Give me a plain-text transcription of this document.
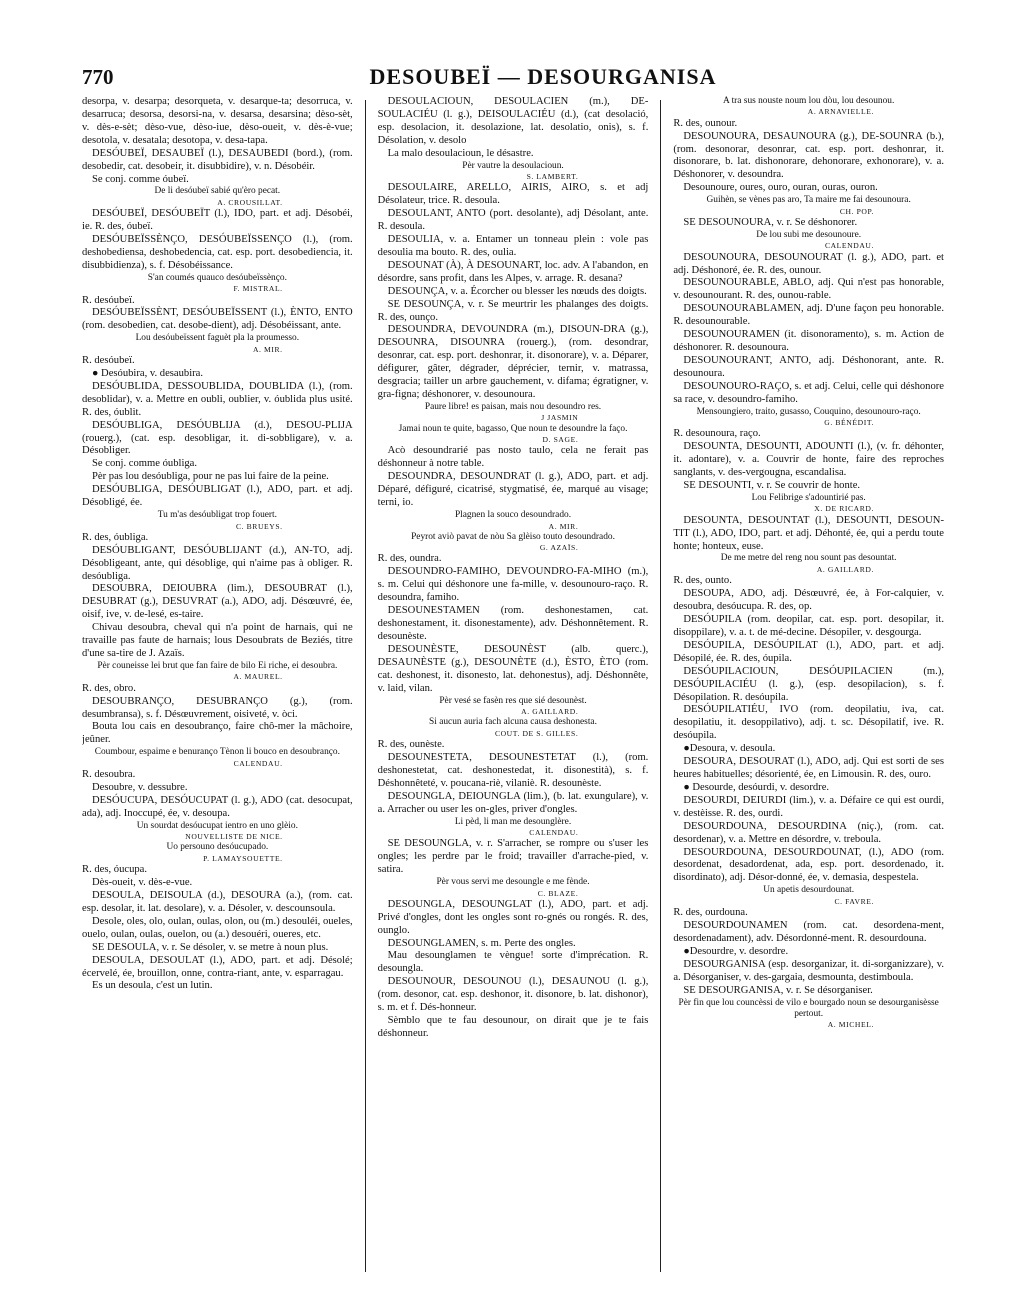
770	DESOUBEÏ — DESOURGANISA

desorpa, v. desarpa; desorqueta, v. desarque-ta; desorruca, v. desarruca; desorsa, desorsi-na, v. desarsa, desarsina; dèso-sèt, v. dès-e-sèt; dèso-vue, dèso-iue, dèso-oueit, v. dès-è-vue; desotola, v. desatala; desotopa, v. desa-tapa.

DESÓUBEÏ, DESAUBEÏ (l.), DESAUBEDI (bord.), (rom. desobedir, cat. desobeir, it. disubbidire), v. n. Désobéir.

Se conj. comme óubeï.

De li desóubeï sabié qu'èro pecat.

A. CROUSILLAT.

DESÓUBEÏ, DESÓUBEÏT (l.), IDO, part. et adj. Désobéi, ie. R. des, óubeï.

DESÓUBEÏSSÈNÇO, DESÓUBEÏSSENÇO (l.), (rom. deshobediensa, deshobedencia, cat. esp. port. desobediencia, it. disubbidienza), s. f. Désobéissance.

S'an coumés quauco desóubeïssènço.

F. MISTRAL.

R. desóubeï.

DESÓUBEÏSSÈNT, DESÓUBEÏSSENT (l.), ÈNTO, ENTO (rom. desobedien, cat. desobe-dient), adj. Désobéissant, ante.

Lou desóubeïssent faguèt pla la proumesso.

A. MIR.

R. desóubeï.

● Desóubira, v. desaubira.

DESÓUBLIDA, DESSOUBLIDA, DOUBLIDA (l.), (rom. desoblidar), v. a. Mettre en oubli, oublier, v. óublida plus usité. R. des, óublit.

DESÓUBLIGA, DESÓUBLIJA (d.), DESOU-PLIJA (rouerg.), (cat. esp. desobligar, it. di-sobbligare), v. a. Désobliger.

Se conj. comme óubliga.

Pèr pas lou desóubliga, pour ne pas lui faire de la peine.

DESÓUBLIGA, DESÓUBLIGAT (l.), ADO, part. et adj. Désobligé, ée.

Tu m'as desóubligat trop fouert.

C. BRUEYS.

R. des, óubliga.

DESÓUBLIGANT, DESÓUBLIJANT (d.), AN-TO, adj. Désobligeant, ante, qui désoblige, qui n'aime pas à obliger. R. desóubliga.

DESOUBRA, DEIOUBRA (lim.), DESOUBRAT (l.), DESUBRAT (g.), DESUVRAT (a.), ADO, adj. Désœuvré, ée, oisif, ive, v. de-lesé, es-taire.

Chivau desoubra, cheval qui n'a point de harnais, qui ne travaille pas faute de harnais; lous Desoubrats de Beziés, titre d'une sa-tire de J. Azaïs.

Pèr couneisse lei brut que fan faire de bilo Ei riche, ei desoubra.

A. MAUREL.

R. des, obro.

DESOUBRANÇO, DESUBRANÇO (g.), (rom. desumbransa), s. f. Désœuvrement, oisiveté, v. òci.

Bouta lou cais en desoubranço, faire chô-mer la mâchoire, jeûner.

Coumbour, espaime e benuranço Tènon li bouco en desoubranço.

CALENDAU.

R. desoubra.

Desoubre, v. dessubre.

DESÓUCUPA, DESÓUCUPAT (l. g.), ADO (cat. desocupat, ada), adj. Inoccupé, ée, v. desoupa.

Un sourdat desóucupat ientro en uno glèio.

NOUVELLISTE DE NICE.

Uo persouno desóucupado.

P. LAMAYSOUETTE.

R. des, óucupa.

Dès-oueit, v. dès-e-vue.

DESOULA, DEISOULA (d.), DESOURA (a.), (rom. cat. esp. desolar, it. lat. desolare), v. a. Désoler, v. descounsoula.

Desole, oles, olo, oulan, oulas, olon, ou (m.) desouléi, oueles, ouelo, oulan, oulas, ouelon, ou (a.) desouéri, oueres, etc.

SE DESOULA, v. r. Se désoler, v. se metre à noun plus.

DESOULA, DESOULAT (l.), ADO, part. et adj. Désolé; écervelé, ée, brouillon, onne, contra-riant, ante, v. esparragau.

Es un desoula, c'est un lutin.

DESOULACIOUN, DESOULACIEN (m.), DE-SOULACIÉU (l. g.), DEISOULACIÉU (d.), (cat desolació, esp. desolacion, it. desolazione, lat. desolatio, onis), s. f. Désolation, v. desolo

La malo desoulacioun, le désastre.

Pèr vautre la desoulacioun.

S. LAMBERT.

DESOULAIRE, ARELLO, AIRIS, AIRO, s. et adj Désolateur, trice. R. desoula.

DESOULANT, ANTO (port. desolante), adj Désolant, ante. R. desoula.

DESOULIA, v. a. Entamer un tonneau plein : vole pas desoulia ma bouto. R. des, oulia.

DESOUNAT (À), À DESOUNART, loc. adv. A l'abandon, en désordre, sans profit, dans les Alpes, v. arrage. R. desana?

DESOUNÇA, v. a. Écorcher ou blesser les nœuds des doigts.

SE DESOUNÇA, v. r. Se meurtrir les phalanges des doigts. R. des, ounço.

DESOUNDRA, DEVOUNDRA (m.), DISOUN-DRA (g.), DESOUNRA, DISOUNRA (rouerg.), (rom. desondrar, desonrar, cat. esp. port. deshonrar, it. disonorare), v. a. Déparer, défigurer, gâter, dégrader, déprécier, ternir, v. matrassa, desgracia; tailler un arbre gauchement, v. difama; égratigner, v. gra-figna; déshonorer, v. desounoura.

Paure libre! es paisan, mais nou desoundro res.

J JASMIN

Jamai noun te quite, bagasso, Que noun te desoundre la faço.

D. SAGE.

Acò desoundrarié pas nosto taulo, cela ne ferait pas déshonneur à notre table.

DESOUNDRA, DESOUNDRAT (l. g.), ADO, part. et adj. Déparé, défiguré, cicatrisé, stygmatisé, ée, marqué au visage; terni, io.

Plagnen la souco desoundrado.

A. MIR.

Peyrot aviò pavat de nòu Sa glèiso touto desoundrado.

G. AZAÏS.

R. des, oundra.

DESOUNDRO-FAMIHO, DEVOUNDRO-FA-MIHO (m.), s. m. Celui qui déshonore une fa-mille, v. desounouro-raço. R. desoundra, famiho.

DESOUNESTAMEN (rom. deshonestamen, cat. deshonestament, it. disonestamente), adv. Déshonnêtement. R. desounèste.

DESOUNÈSTE, DESOUNÈST (alb. querc.), DESAUNÈSTE (g.), DESOUNÈTE (d.), ÈSTO, ÈTO (rom. cat. deshonest, it. disonesto, lat. dehonestus), adj. Déshonnête, v. laid, vilan.

Pèr vesé se fasèn res que sié desounèst.

A. GAILLARD.

Si aucun auria fach alcuna causa deshonesta.

COUT. DE S. GILLES.

R. des, ounèste.

DESOUNESTETA, DESOUNESTETAT (l.), (rom. deshonestetat, cat. deshonestedat, it. disonestità), s. f. Déshonnêteté, v. poucana-riè, vilaniè. R. desounèste.

DESOUNGLA, DEIOUNGLA (lim.), (b. lat. exungulare), v. a. Arracher ou user les on-gles, priver d'ongles.

Li pèd, li man me desounglère.

CALENDAU.

SE DESOUNGLA, v. r. S'arracher, se rompre ou s'user les ongles; les perdre par le froid; travailler d'arrache-pied, v. satira.

Pèr vous servi me desoungle e me fènde.

C. BLAZE.

DESOUNGLA, DESOUNGLAT (l.), ADO, part. et adj. Privé d'ongles, dont les ongles sont ro-gnés ou rongés. R. des, ounglo.

DESOUNGLAMEN, s. m. Perte des ongles.

Mau desounglamen te vèngue! sorte d'imprécation. R. desoungla.

DESOUNOUR, DESOUNOU (l.), DESAUNOU (l. g.), (rom. desonor, cat. esp. deshonor, it. disonore, b. lat. dishonor), s. m. et f. Dés-honneur.

Sèmblo que te fau desounour, on dirait que je te fais déshonneur.

A tra sus nouste noum lou dòu, lou desounou.

A. ARNAVIELLE.

R. des, ounour.

DESOUNOURA, DESAUNOURA (g.), DE-SOUNRA (b.), (rom. desonorar, desonrar, cat. esp. port. deshonrar, it. disonorare, b. lat. dishonorare, dehonorare, exhonorare), v. a. Déshonorer, v. desoundra.

Desounoure, oures, ouro, ouran, ouras, ouron.

Guihèn, se vènes pas aro, Ta maire me fai desounoura.

CH. POP.

SE DESOUNOURA, v. r. Se déshonorer.

De lou subi me desounoure.

CALENDAU.

DESOUNOURA, DESOUNOURAT (l. g.), ADO, part. et adj. Déshonoré, ée. R. des, ounour.

DESOUNOURABLE, ABLO, adj. Qui n'est pas honorable, v. desounourant. R. des, ounou-rable.

DESOUNOURABLAMEN, adj. D'une façon peu honorable. R. desounourable.

DESOUNOURAMEN (it. disonoramento), s. m. Action de déshonorer. R. desounoura.

DESOUNOURANT, ANTO, adj. Déshonorant, ante. R. desounoura.

DESOUNOURO-RAÇO, s. et adj. Celui, celle qui déshonore sa race, v. desoundro-famiho.

Mensoungiero, traito, gusasso, Couquino, desounouro-raço.

G. BÉNÉDIT.

R. desounoura, raço.

DESOUNTA, DESOUNTI, ADOUNTI (l.), (v. fr. déhonter, it. adontare), v. a. Couvrir de honte, faire des reproches sanglants, v. des-vergougna, escandalisa.

SE DESOUNTI, v. r. Se couvrir de honte.

Lou Felibrige s'adountirié pas.

X. DE RICARD.

DESOUNTA, DESOUNTAT (l.), DESOUNTI, DESOUN-TIT (l.), ADO, IDO, part. et adj. Déhonté, ée, qui a perdu toute honte; honteux, euse.

De me metre del reng nou sount pas desountat.

A. GAILLARD.

R. des, ounto.

DESOUPA, ADO, adj. Désœuvré, ée, à For-calquier, v. desoubra, desóucupa. R. des, op.

DESÓUPILA (rom. deopilar, cat. esp. port. desopilar, it. disoppilare), v. a. t. de mé-decine. Désopiler, v. desgourga.

DESÓUPILA, DESÓUPILAT (l.), ADO, part. et adj. Désopilé, ée. R. des, óupila.

DESÓUPILACIOUN, DESÓUPILACIEN (m.), DESÓUPILACIÉU (l. g.), (esp. desopilacion), s. f. Désopilation. R. desóupila.

DESÓUPILATIÉU, IVO (rom. deopilatiu, iva, cat. desopilatiu, it. desoppilativo), adj. t. sc. Désopilatif, ive. R. desóupila.

●Desoura, v. desoula.

DESOURA, DESOURAT (l.), ADO, adj. Qui est sorti de ses heures habituelles; désorienté, ée, en Limousin. R. des, ouro.

● Desourde, desóurdi, v. desordre.

DESOURDI, DEIURDI (lim.), v. a. Défaire ce qui est ourdi, v. destèisse. R. des, ourdi.

DESOURDOUNA, DESOURDINA (niç.), (rom. cat. desordenar), v. a. Mettre en désordre, v. treboula.

DESOURDOUNA, DESOURDOUNAT, (l.), ADO (rom. desordenat, desadordenat, ada, esp. port. desordenado, it. disordinato), adj. Désor-donné, ée, v. demasia, despestela.

Un apetis desourdounat.

C. FAVRE.

R. des, ourdouna.

DESOURDOUNAMEN (rom. cat. desordena-ment, desordenadament), adv. Désordonné-ment. R. desourdouna.

●Desourdre, v. desordre.

DESOURGANISA (esp. desorganizar, it. di-sorganizzare), v. a. Désorganiser, v. des-gargaia, desmounta, destimboula.

SE DESOURGANISA, v. r. Se désorganiser.

Pèr fin que lou councèssi de vilo e bourgado noun se desourganisèsse pertout.

A. MICHEL.
